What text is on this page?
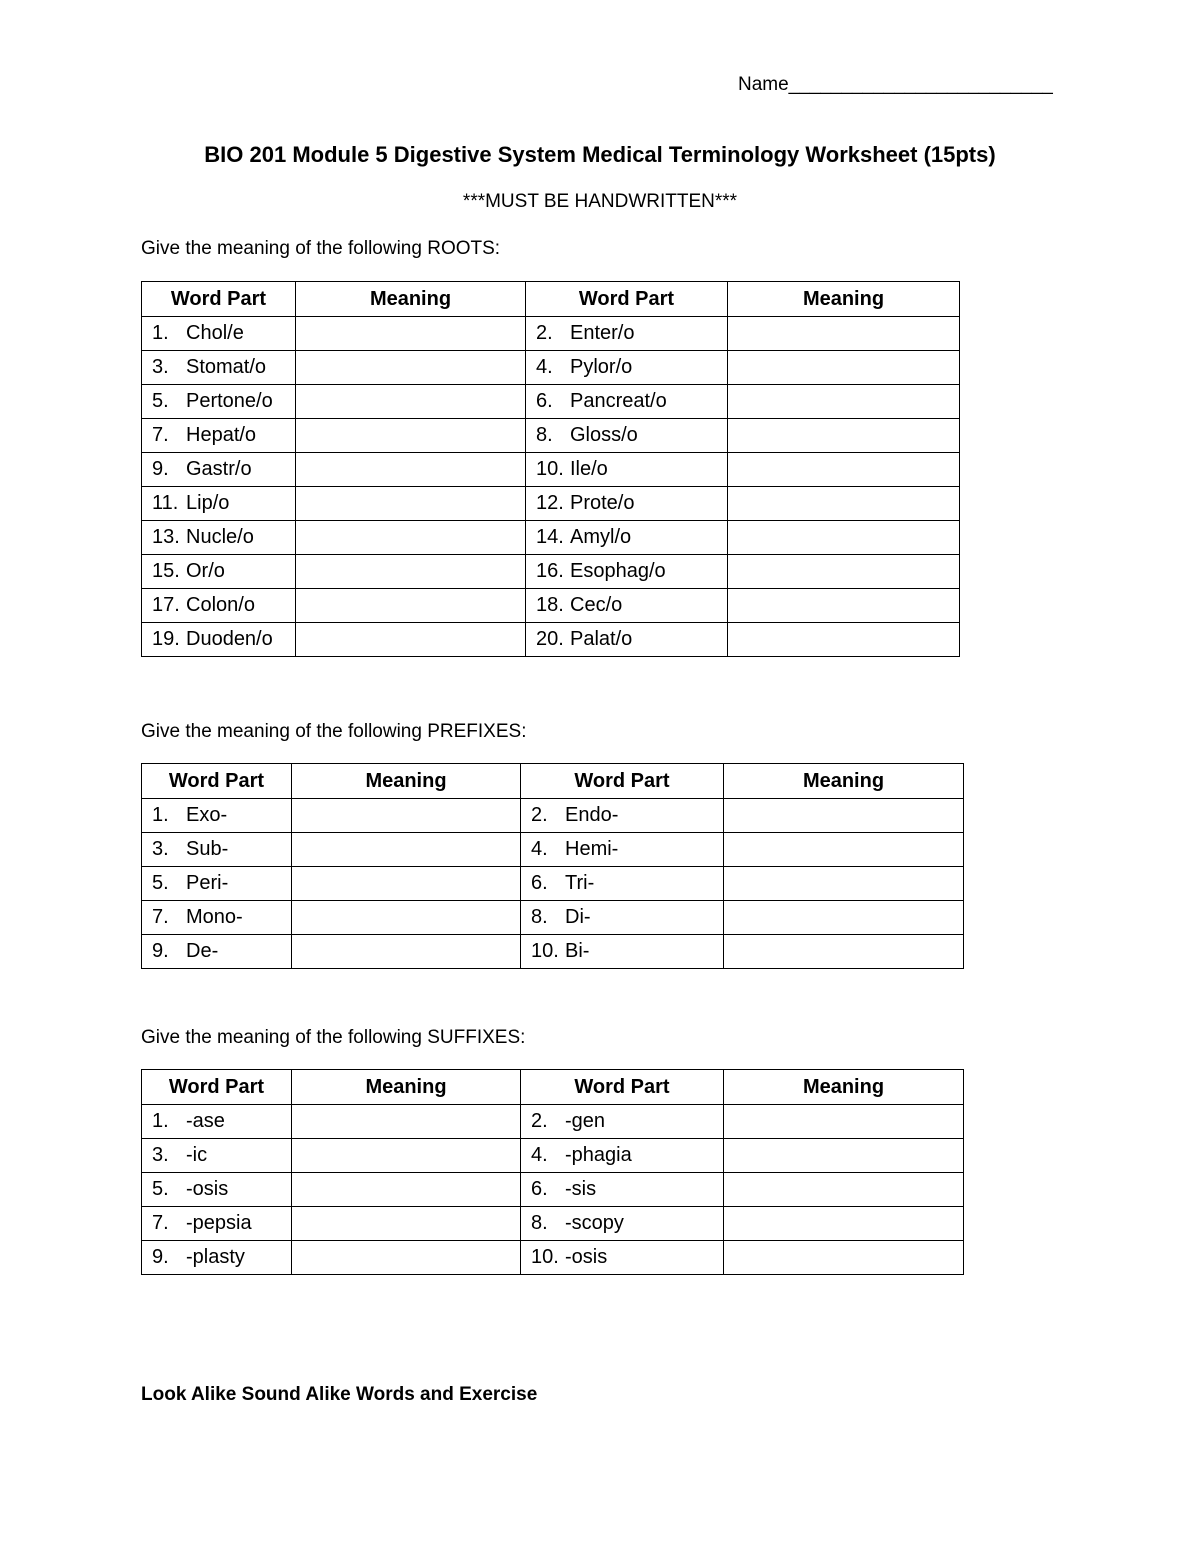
Name_________________________
BIO 201 Module 5 Digestive System Medical Terminology Worksheet (15pts)
***MUST BE HANDWRITTEN***
Give the meaning of the following ROOTS:
Word Part	Meaning	Word Part	Meaning
1. Chol/e		2. Enter/o	
3. Stomat/o		4. Pylor/o	
5. Pertone/o		6. Pancreat/o	
7. Hepat/o		8. Gloss/o	
9. Gastr/o		10. Ile/o	
11. Lip/o		12. Prote/o	
13. Nucle/o		14. Amyl/o	
15. Or/o		16. Esophag/o	
17. Colon/o		18. Cec/o	
19. Duoden/o		20. Palat/o	
Give the meaning of the following PREFIXES:
Word Part	Meaning	Word Part	Meaning
1. Exo-		2. Endo-	
3. Sub-		4. Hemi-	
5. Peri-		6. Tri-	
7. Mono-		8. Di-	
9. De-		10. Bi-	
Give the meaning of the following SUFFIXES:
Word Part	Meaning	Word Part	Meaning
1. -ase		2. -gen	
3. -ic		4. -phagia	
5. -osis		6. -sis	
7. -pepsia		8. -scopy	
9. -plasty		10. -osis	
Look Alike Sound Alike Words and Exercise
